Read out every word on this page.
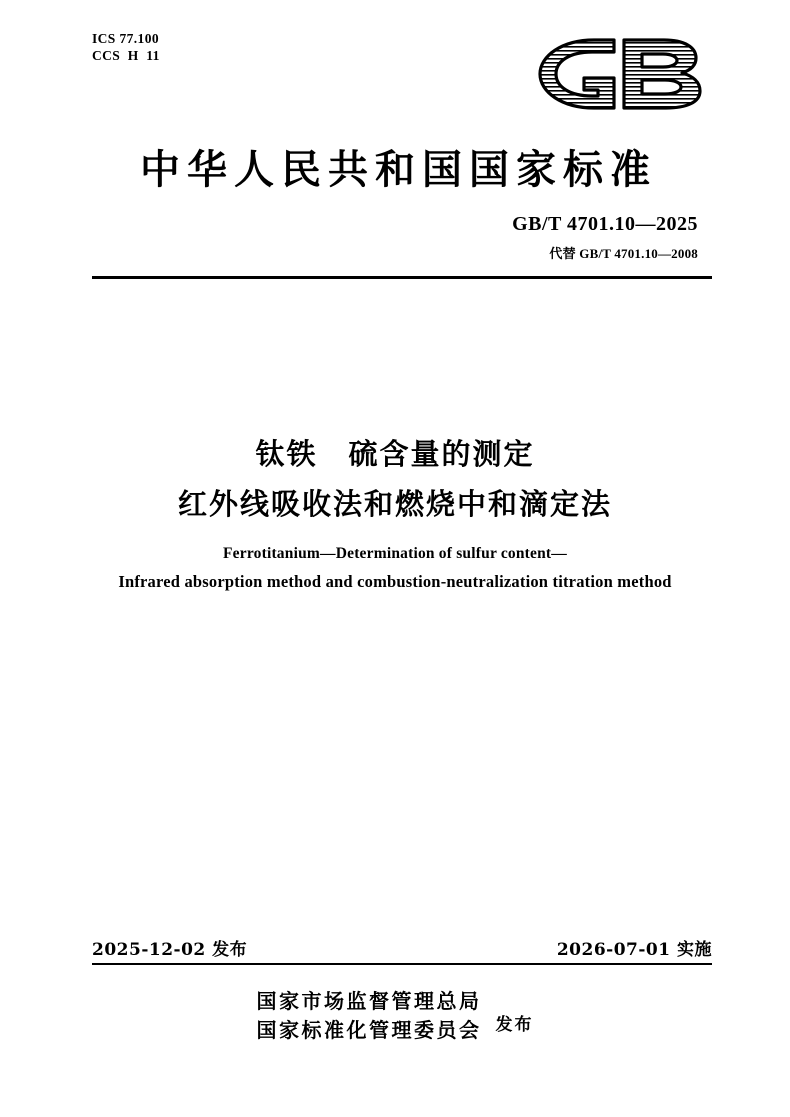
ICS 77.100
CCS  H  11
中华人民共和国国家标准
GB/T 4701.10—2025
代替 GB/T 4701.10—2008
钛铁　硫含量的测定
红外线吸收法和燃烧中和滴定法
Ferrotitanium—Determination of sulfur content—
Infrared absorption method and combustion-neutralization titration method
2025-12-02 发布	2026-07-01 实施
国家市场监督管理总局
国家标准化管理委员会 发布
